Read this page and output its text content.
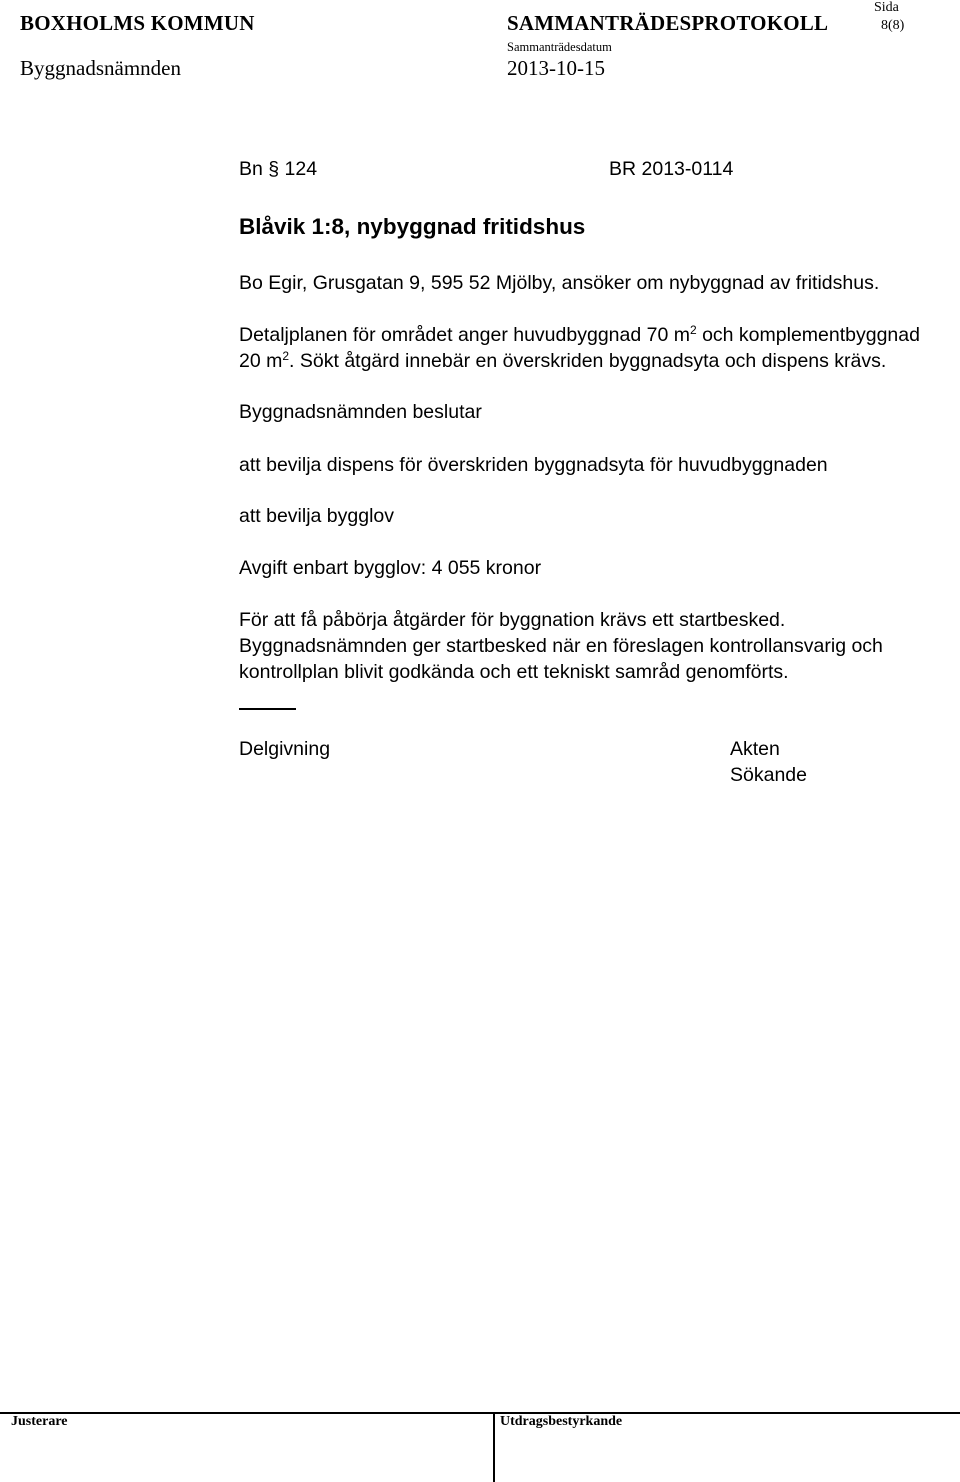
BOXHOLMS KOMMUN
Byggnadsnämnden
SAMMANTRÄDESPROTOKOLL
Sammanträdesdatum
2013-10-15
Sida
8(8)
Bn § 124	BR 2013-0114
Blåvik 1:8, nybyggnad fritidshus
Bo Egir, Grusgatan 9, 595 52 Mjölby, ansöker om nybyggnad av fritidshus.
Detaljplanen för området anger huvudbyggnad 70 $m^2$ och komplementbyggnad
20 $m^2$. Sökt åtgärd innebär en överskriden byggnadsyta och dispens krävs.
Byggnadsnämnden beslutar
att bevilja dispens för överskriden byggnadsyta för huvudbyggnaden
att bevilja bygglov
Avgift enbart bygglov: 4 055 kronor
För att få påbörja åtgärder för byggnation krävs ett startbesked.
Byggnadsnämnden ger startbesked när en föreslagen kontrollansvarig och
kontrollplan blivit godkända och ett tekniskt samråd genomförts.
Delgivning	Akten
Sökande
Justerare	Utdragsbestyrkande
